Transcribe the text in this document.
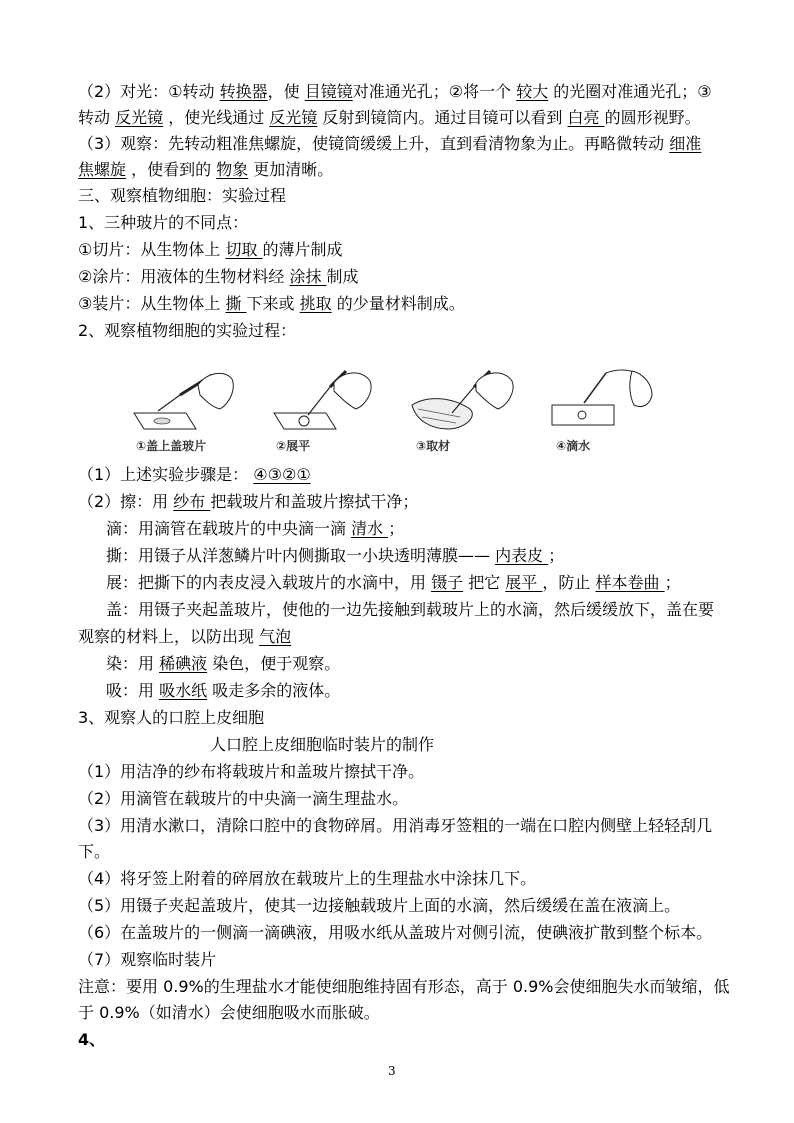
（2）对光：①转动 转换器，使 目镜镜对准通光孔；②将一个 较大 的光圈对准通光孔；③
转动 反光镜 ，使光线通过 反光镜 反射到镜筒内。通过目镜可以看到 白亮 的圆形视野。
（3）观察：先转动粗准焦螺旋，使镜筒缓缓上升，直到看清物象为止。再略微转动 细准
焦螺旋 ，使看到的 物象 更加清晰。
三、观察植物细胞：实验过程
1、三种玻片的不同点：
①切片：从生物体上 切取 的薄片制成
②涂片：用液体的生物材料经 涂抹 制成
③装片：从生物体上 撕 下来或 挑取 的少量材料制成。
2、观察植物细胞的实验过程：
①盖上盖玻片	②展平	③取材	④滴水
（1）上述实验步骤是： ④③②①
（2）擦：用 纱布 把载玻片和盖玻片擦拭干净；
滴：用滴管在载玻片的中央滴一滴 清水 ；
撕：用镊子从洋葱鳞片叶内侧撕取一小块透明薄膜—— 内表皮 ；
展：把撕下的内表皮浸入载玻片的水滴中，用 镊子 把它 展平 ，防止 样本卷曲 ；
盖：用镊子夹起盖玻片，使他的一边先接触到载玻片上的水滴，然后缓缓放下，盖在要
观察的材料上，以防出现 气泡
染：用 稀碘液 染色，便于观察。
吸：用 吸水纸 吸走多余的液体。
3、观察人的口腔上皮细胞
人口腔上皮细胞临时装片的制作
（1）用洁净的纱布将载玻片和盖玻片擦拭干净。
（2）用滴管在载玻片的中央滴一滴生理盐水。
（3）用清水漱口，清除口腔中的食物碎屑。用消毒牙签粗的一端在口腔内侧壁上轻轻刮几
下。
（4）将牙签上附着的碎屑放在载玻片上的生理盐水中涂抹几下。
（5）用镊子夹起盖玻片，使其一边接触载玻片上面的水滴，然后缓缓在盖在液滴上。
（6）在盖玻片的一侧滴一滴碘液，用吸水纸从盖玻片对侧引流，使碘液扩散到整个标本。
（7）观察临时装片
注意：要用 0.9%的生理盐水才能使细胞维持固有形态，高于 0.9%会使细胞失水而皱缩，低
于 0.9%（如清水）会使细胞吸水而胀破。
4、
3
